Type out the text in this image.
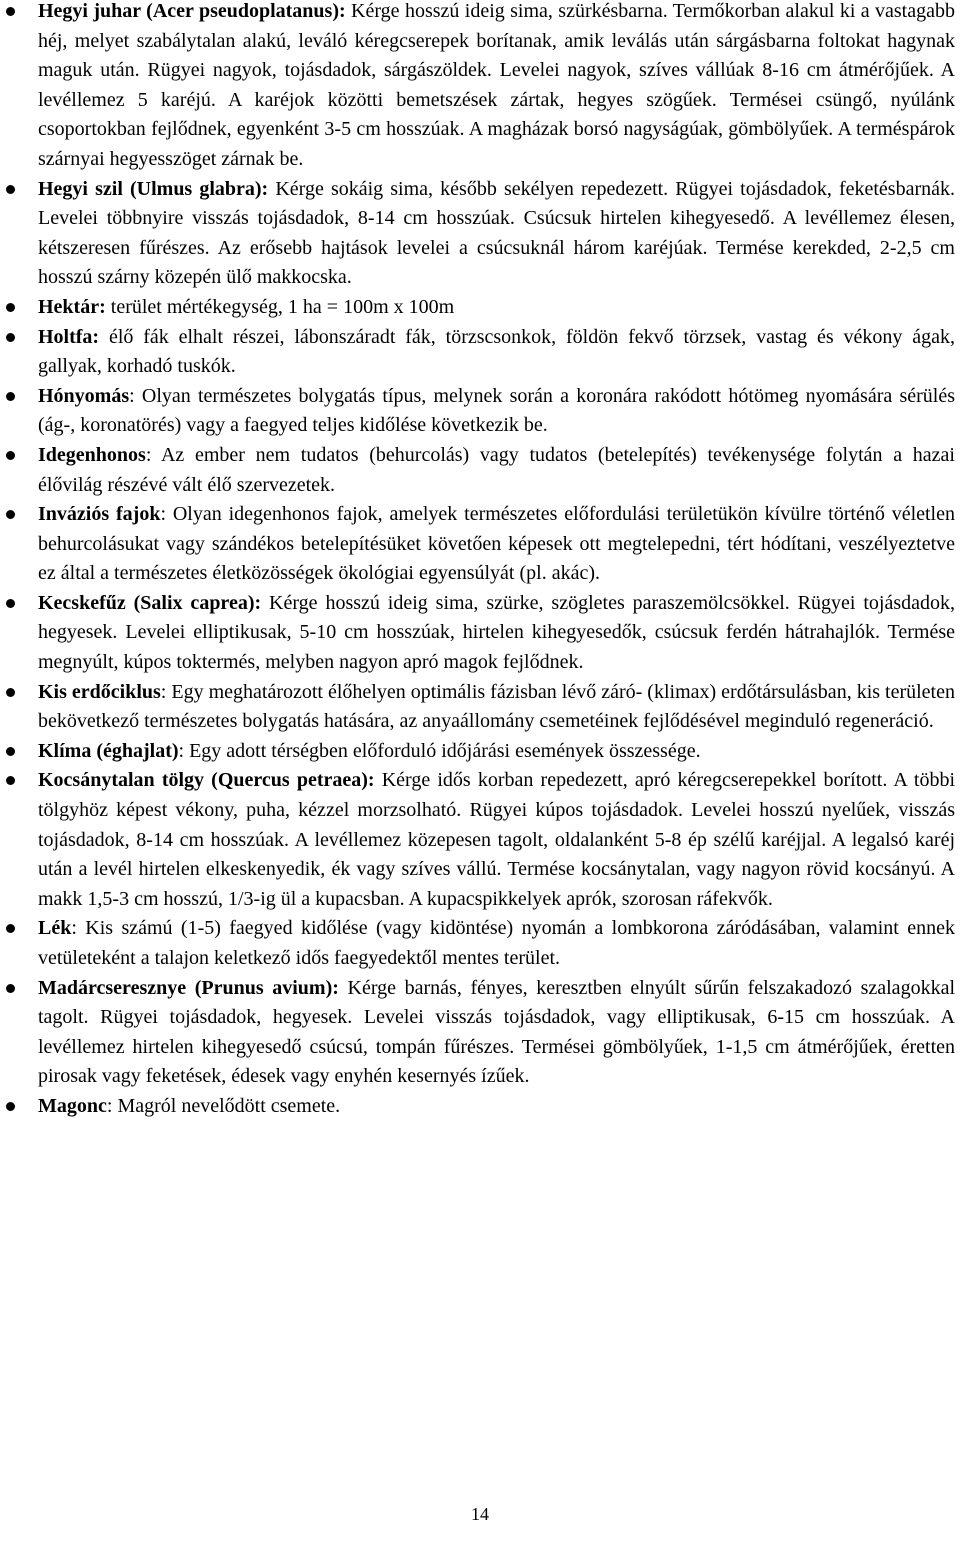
Hegyi juhar (Acer pseudoplatanus): Kérge hosszú ideig sima, szürkésbarna. Termőkorban alakul ki a vastagabb héj, melyet szabálytalan alakú, leváló kéregcserepek borítanak, amik leválás után sárgásbarna foltokat hagynak maguk után. Rügyei nagyok, tojásdadok, sárgászöldek. Levelei nagyok, szíves vállúak 8-16 cm átmérőjűek. A levéllemez 5 karéjú. A karéjok közötti bemetszések zártak, hegyes szögűek. Termései csüngő, nyúlánk csoportokban fejlődnek, egyenként 3-5 cm hosszúak. A magházak borsó nagyságúak, gömbölyűek. A terméspárok szárnyai hegyesszöget zárnak be.
Hegyi szil (Ulmus glabra): Kérge sokáig sima, később sekélyen repedezett. Rügyei tojásdadok, feketésbarnák. Levelei többnyire visszás tojásdadok, 8-14 cm hosszúak. Csúcsuk hirtelen kihegyesedő. A levéllemez élesen, kétszeresen fűrészes. Az erősebb hajtások levelei a csúcsuknál három karéjúak. Termése kerekded, 2-2,5 cm hosszú szárny közepén ülő makkocska.
Hektár: terület mértékegység, 1 ha = 100m x 100m
Holtfa: élő fák elhalt részei, lábonszáradt fák, törzscsonkok, földön fekvő törzsek, vastag és vékony ágak, gallyak, korhadó tuskók.
Hónyomás: Olyan természetes bolygatás típus, melynek során a koronára rakódott hótömeg nyomására sérülés (ág-, koronatörés) vagy a faegyed teljes kidőlése következik be.
Idegenhonos: Az ember nem tudatos (behurcolás) vagy tudatos (betelepítés) tevékenysége folytán a hazai élővilág részévé vált élő szervezetek.
Inváziós fajok: Olyan idegenhonos fajok, amelyek természetes előfordulási területükön kívülre történő véletlen behurcolásukat vagy szándékos betelepítésüket követően képesek ott megtelepedni, tért hódítani, veszélyeztetve ez által a természetes életközösségek ökológiai egyensúlyát (pl. akác).
Kecskefűz (Salix caprea): Kérge hosszú ideig sima, szürke, szögletes paraszemölcsökkel. Rügyei tojásdadok, hegyesek. Levelei elliptikusak, 5-10 cm hosszúak, hirtelen kihegyesedők, csúcsuk ferdén hátrahajlók. Termése megnyúlt, kúpos toktermés, melyben nagyon apró magok fejlődnek.
Kis erdőciklus: Egy meghatározott élőhelyen optimális fázisban lévő záró- (klimax) erdőtársulásban, kis területen bekövetkező természetes bolygatás hatására, az anyaállomány csemetéinek fejlődésével meginduló regeneráció.
Klíma (éghajlat): Egy adott térségben előforduló időjárási események összessége.
Kocsánytalan tölgy (Quercus petraea): Kérge idős korban repedezett, apró kéregcserepekkel borított. A többi tölgyhöz képest vékony, puha, kézzel morzsolható. Rügyei kúpos tojásdadok. Levelei hosszú nyelűek, visszás tojásdadok, 8-14 cm hosszúak. A levéllemez közepesen tagolt, oldalanként 5-8 ép szélű karéjjal. A legalsó karéj után a levél hirtelen elkeskenyedik, ék vagy szíves vállú. Termése kocsánytalan, vagy nagyon rövid kocsányú. A makk 1,5-3 cm hosszú, 1/3-ig ül a kupacsban. A kupacspikkelyek aprók, szorosan ráfekvők.
Lék: Kis számú (1-5) faegyed kidőlése (vagy kidöntése) nyomán a lombkorona záródásában, valamint ennek vetületeként a talajon keletkező idős faegyedektől mentes terület.
Madárcseresznye (Prunus avium): Kérge barnás, fényes, keresztben elnyúlt sűrűn felszakadozó szalagokkal tagolt. Rügyei tojásdadok, hegyesek. Levelei visszás tojásdadok, vagy elliptikusak, 6-15 cm hosszúak. A levéllemez hirtelen kihegyesedő csúcsú, tompán fűrészes. Termései gömbölyűek, 1-1,5 cm átmérőjűek, éretten pirosak vagy feketések, édesek vagy enyhén kesernyés ízűek.
Magonc: Magról nevelődött csemete.
14
